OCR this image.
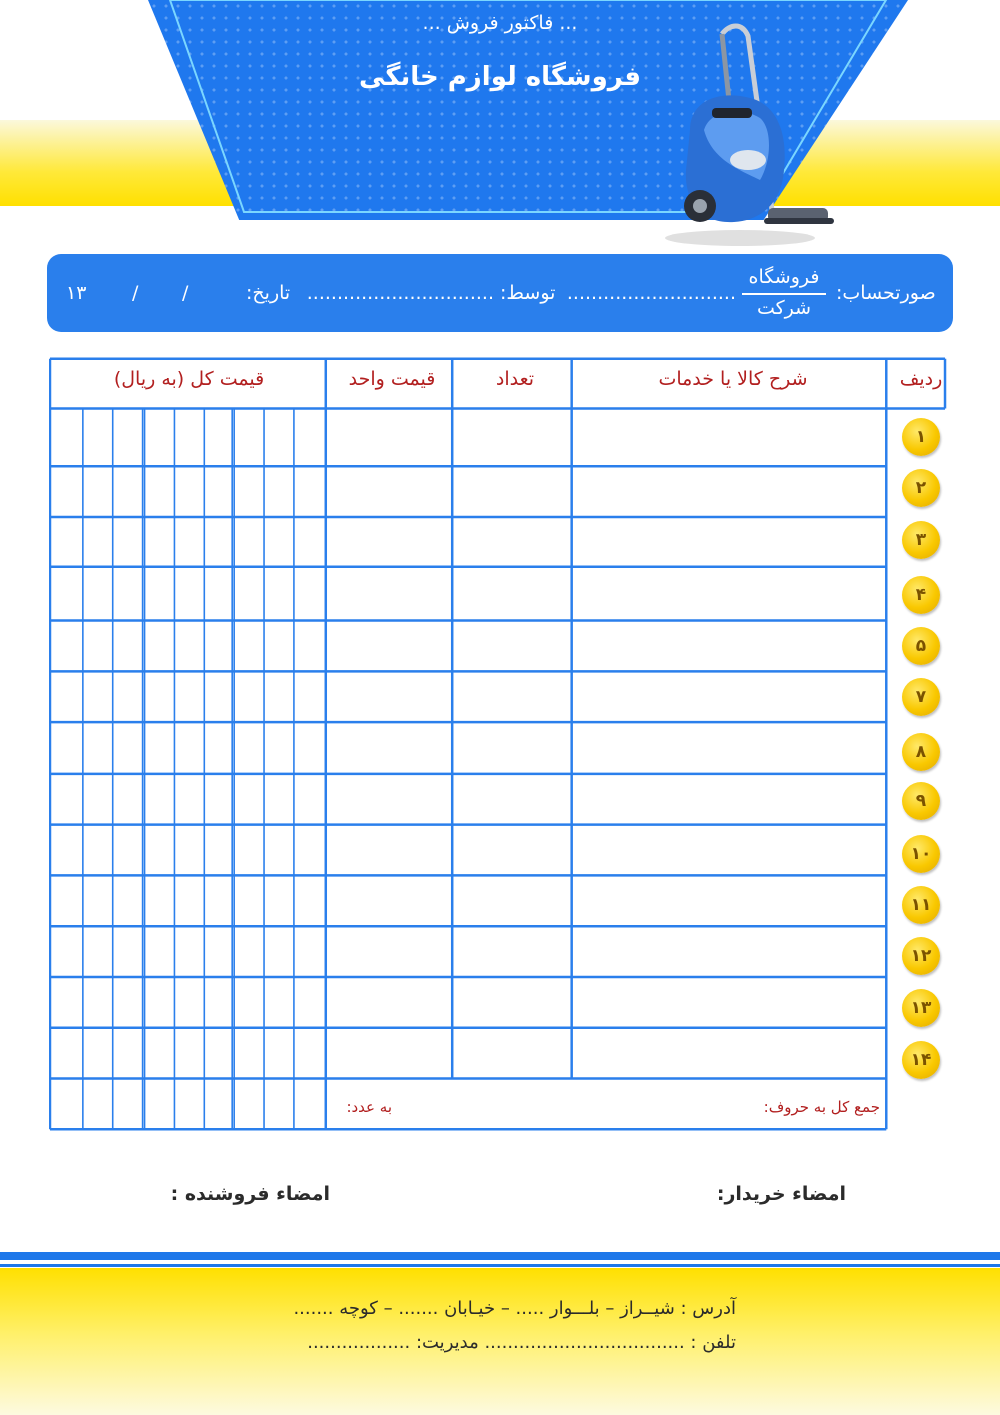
... فاکتور فروش ...
فروشگاه لوازم خانگی
صورتحساب:
فروشگاه
شرکت
............................
توسط:
...............................
تاریخ:
/
/
۱۳
ردیف
شرح کالا یا خدمات
تعداد
قیمت واحد
قیمت کل (به ریال)
۱
۲
۳
۴
۵
۷
۸
۹
۱۰
۱۱
۱۲
۱۳
۱۴
جمع کل به حروف:
به عدد:
امضاء خریدار:
امضاء فروشنده :
آدرس : شیــراز – بلـــوار ..... – خیـابان ....... – کوچه .......
تلفن : ................................... مدیریت: ..................
